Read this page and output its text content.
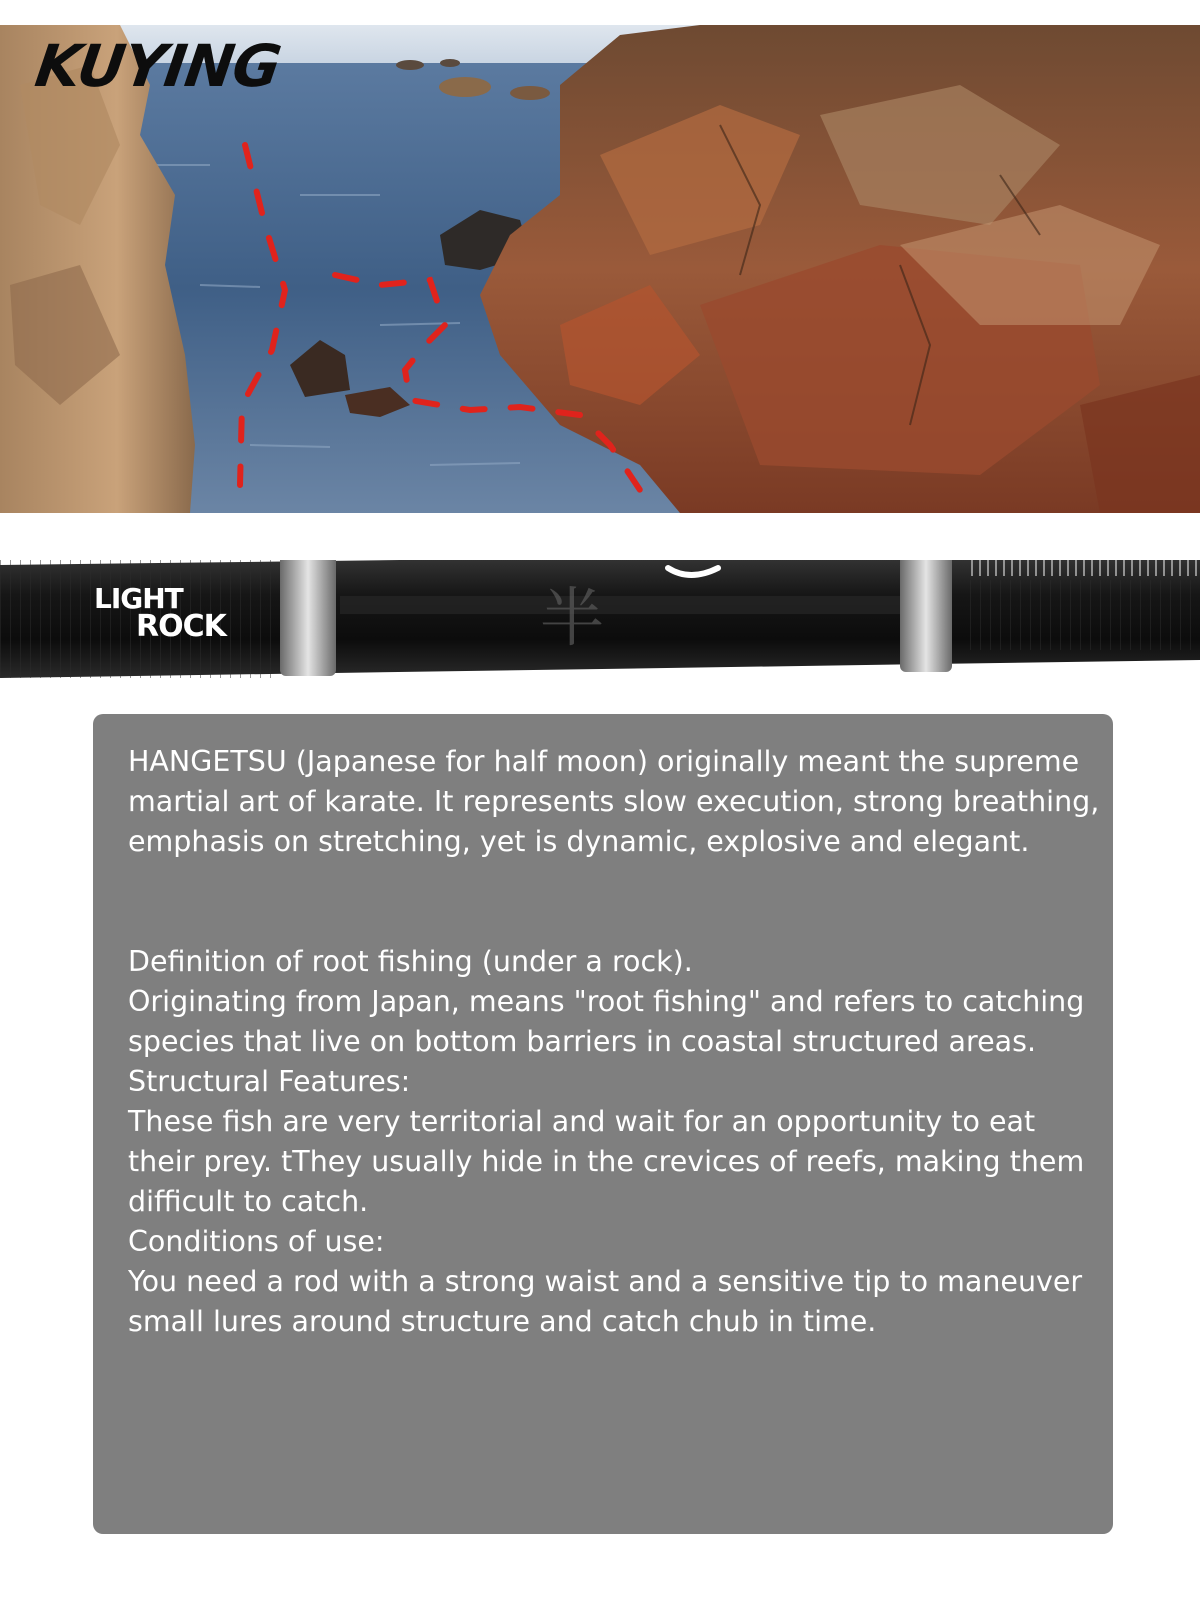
KUYING
半
LIGHT
ROCK

HANGETSU (Japanese for half moon) originally meant the supreme martial art of karate. It represents slow execution, strong breathing, emphasis on stretching, yet is dynamic, explosive and elegant.

Definition of root fishing (under a rock).

Originating from Japan, means "root fishing" and refers to catching species that live on bottom barriers in coastal structured areas.

Structural Features:

These fish are very territorial and wait for an opportunity to eat their prey. tThey usually hide in the crevices of reefs, making them difficult to catch.

Conditions of use:

You need a rod with a strong waist and a sensitive tip to maneuver small lures around structure and catch chub in time.
